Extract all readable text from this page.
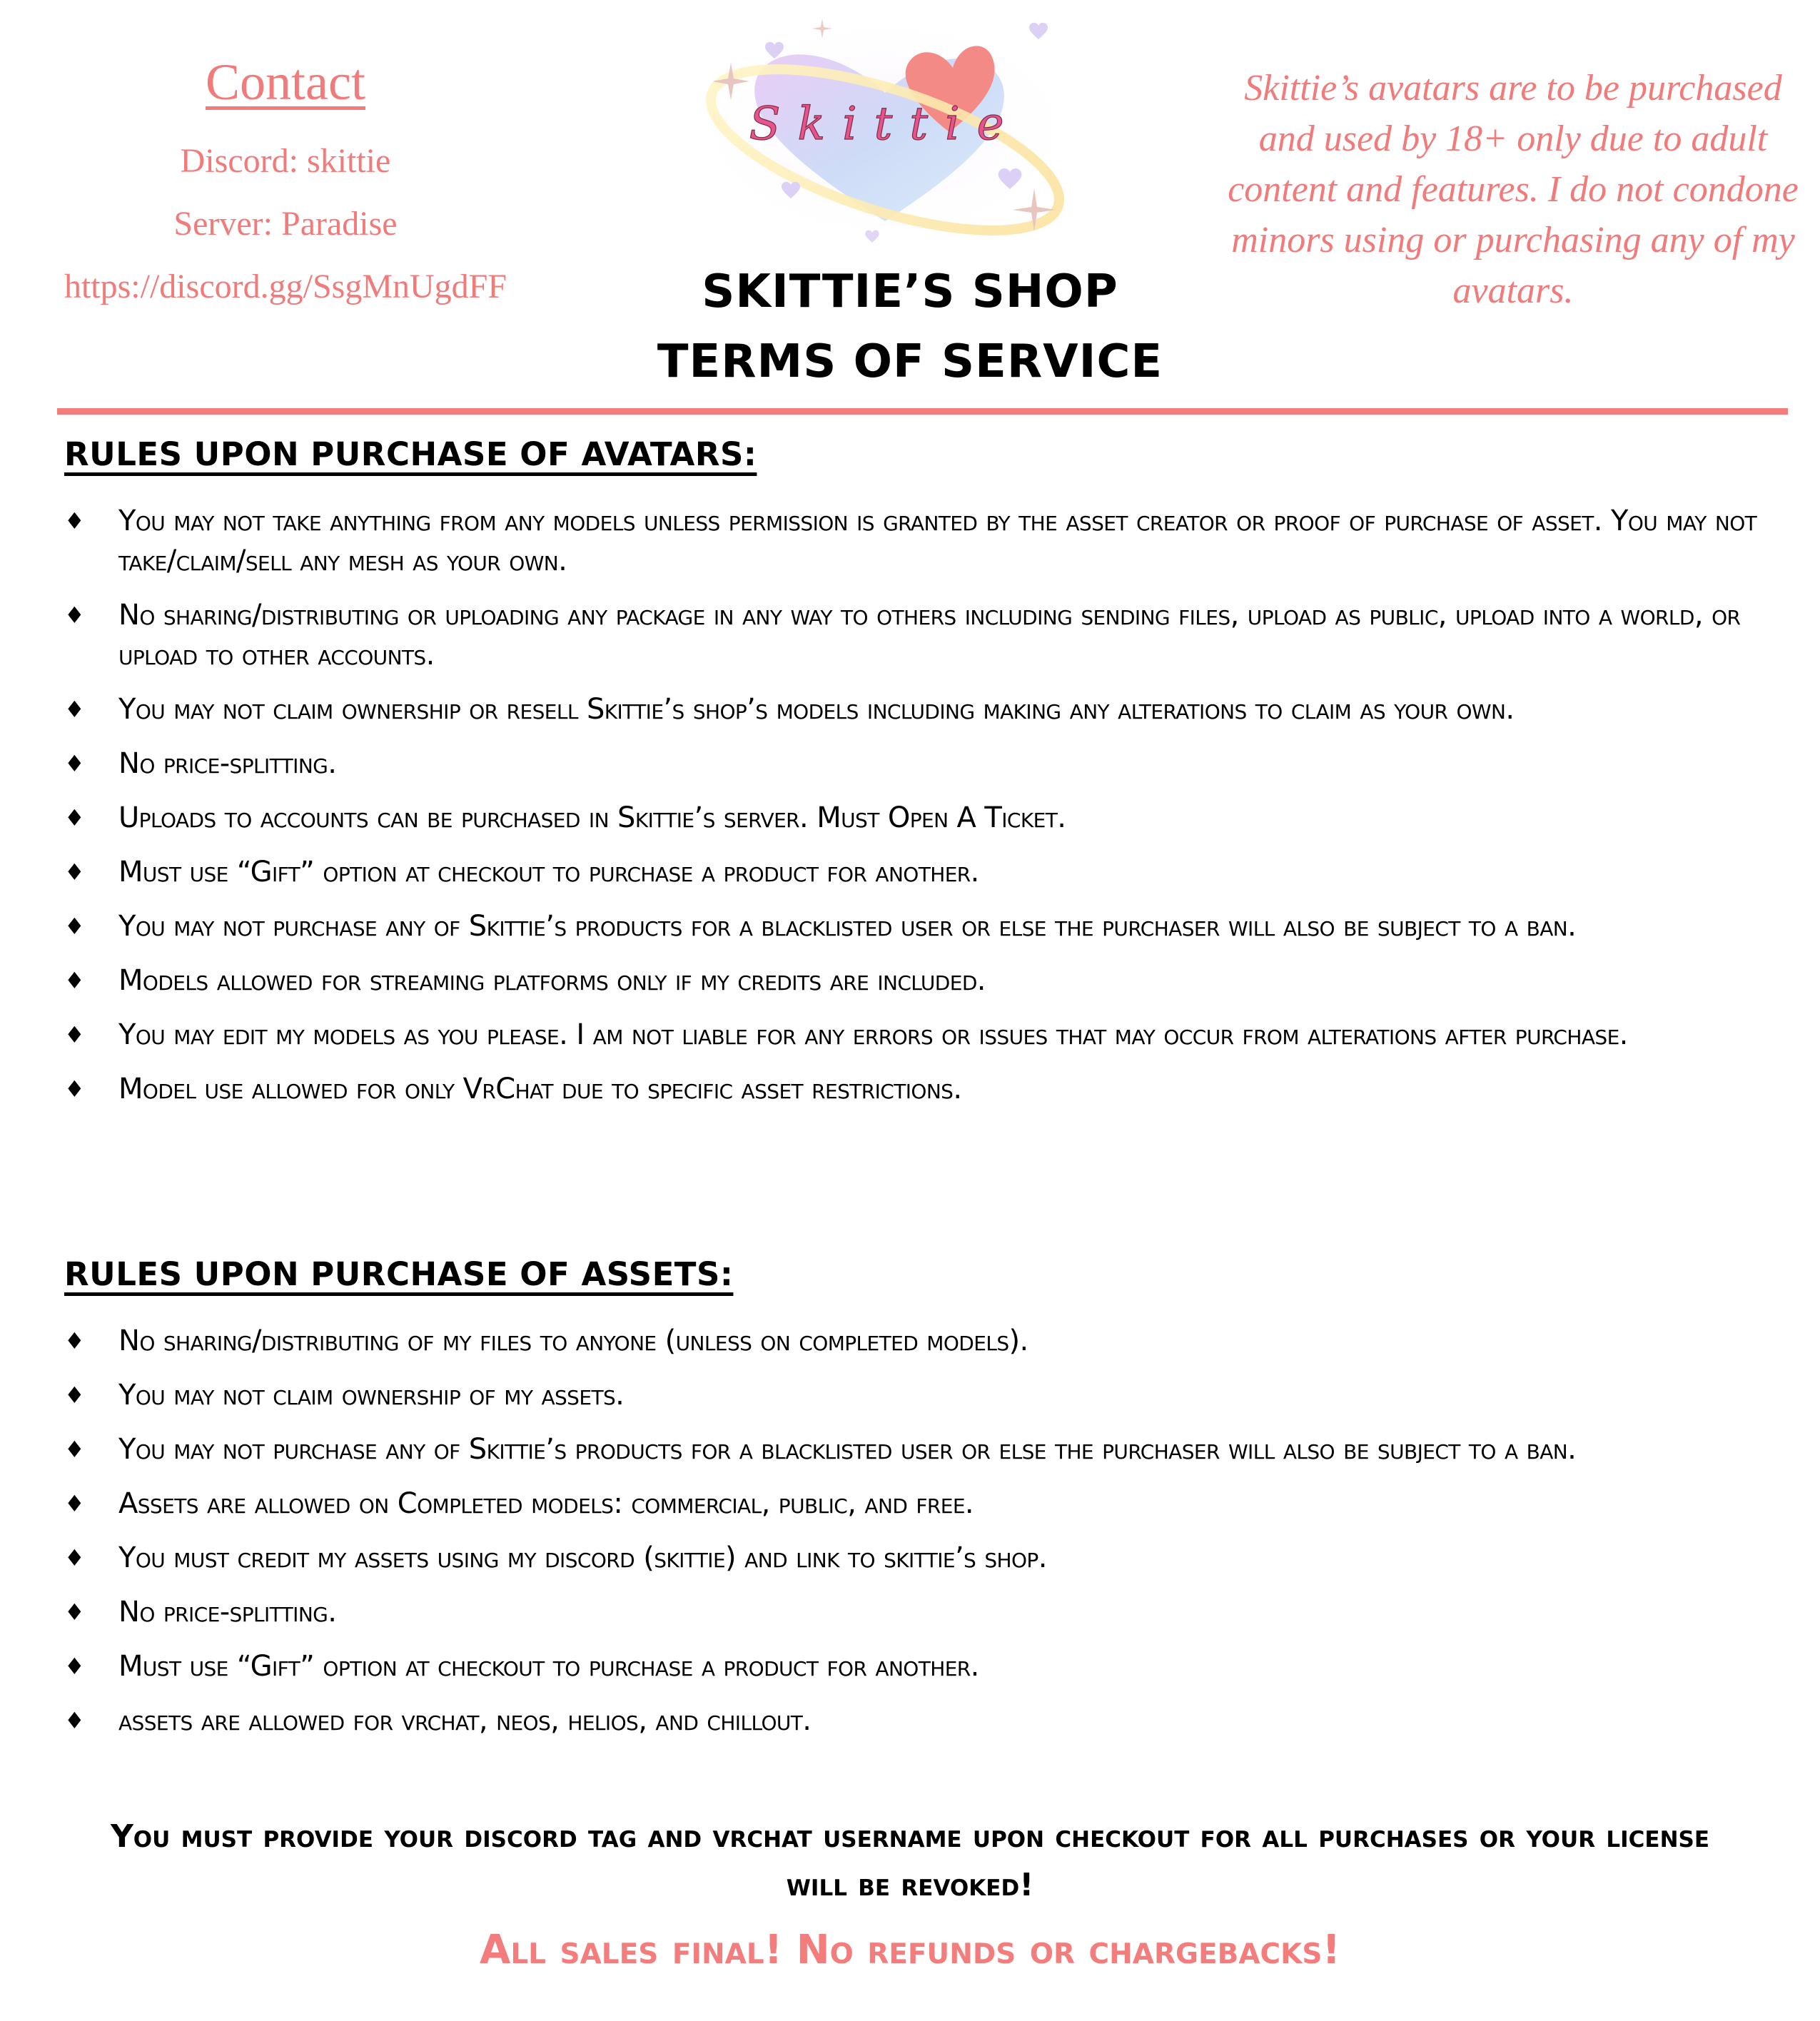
Contact
Discord: skittie
Server: Paradise
https://discord.gg/SsgMnUgdFF
Skittie
SKITTIE’S SHOP
TERMS OF SERVICE
Skittie’s avatars are to be purchased and used by 18+ only due to adult content and features. I do not condone minors using or purchasing any of my avatars.
RULES UPON PURCHASE OF AVATARS:
♦ You may not take anything from any models unless permission is granted by the asset creator or proof of purchase of asset. You may not take/claim/sell any mesh as your own.
♦ No sharing/distributing or uploading any package in any way to others including sending files, upload as public, upload into a world, or upload to other accounts.
♦ You may not claim ownership or resell Skittie’s shop’s models including making any alterations to claim as your own.
♦ No price-splitting.
♦ Uploads to accounts can be purchased in Skittie’s server. Must Open A Ticket.
♦ Must use “Gift” option at checkout to purchase a product for another.
♦ You may not purchase any of Skittie’s products for a blacklisted user or else the purchaser will also be subject to a ban.
♦ Models allowed for streaming platforms only if my credits are included.
♦ You may edit my models as you please. I am not liable for any errors or issues that may occur from alterations after purchase.
♦ Model use allowed for only VrChat due to specific asset restrictions.
RULES UPON PURCHASE OF ASSETS:
♦ No sharing/distributing of my files to anyone (unless on completed models).
♦ You may not claim ownership of my assets.
♦ You may not purchase any of Skittie’s products for a blacklisted user or else the purchaser will also be subject to a ban.
♦ Assets are allowed on Completed models: commercial, public, and free.
♦ You must credit my assets using my discord (skittie) and link to skittie’s shop.
♦ No price-splitting.
♦ Must use “Gift” option at checkout to purchase a product for another.
♦ assets are allowed for vrchat, neos, helios, and chillout.
You must provide your discord tag and vrchat username upon checkout for all purchases or your license will be revoked!
All sales final! No refunds or chargebacks!
